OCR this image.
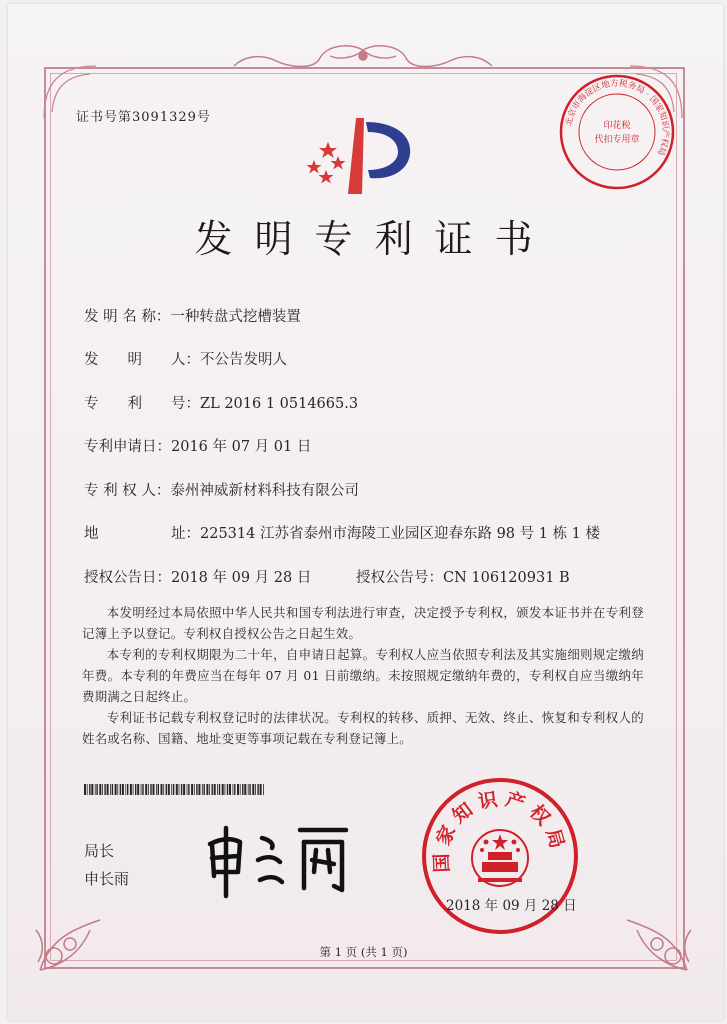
证书号第3091329号	北京市海淀区地方税务局 · 国家知识产权局
印花税
代扣专用章
发明专利证书
发 明 名 称：一种转盘式挖槽装置
发　　明　　人：不公告发明人
专　　利　　号：ZL 2016 1 0514665.3
专利申请日：2016 年 07 月 01 日
专 利 权 人：泰州神威新材料科技有限公司
地　　　　　址：225314 江苏省泰州市海陵工业园区迎春东路 98 号 1 栋 1 楼
授权公告日：2018 年 09 月 28 日	授权公告号：CN 106120931 B

本发明经过本局依照中华人民共和国专利法进行审查，决定授予专利权，颁发本证书并在专利登记簿上予以登记。专利权自授权公告之日起生效。

本专利的专利权期限为二十年，自申请日起算。专利权人应当依照专利法及其实施细则规定缴纳年费。本专利的年费应当在每年 07 月 01 日前缴纳。未按照规定缴纳年费的，专利权自应当缴纳年费期满之日起终止。

专利证书记载专利权登记时的法律状况。专利权的转移、质押、无效、终止、恢复和专利权人的姓名或名称、国籍、地址变更等事项记载在专利登记簿上。

局长
申长雨
国家知识产权局
2018 年 09 月 28 日
第 1 页 (共 1 页)
